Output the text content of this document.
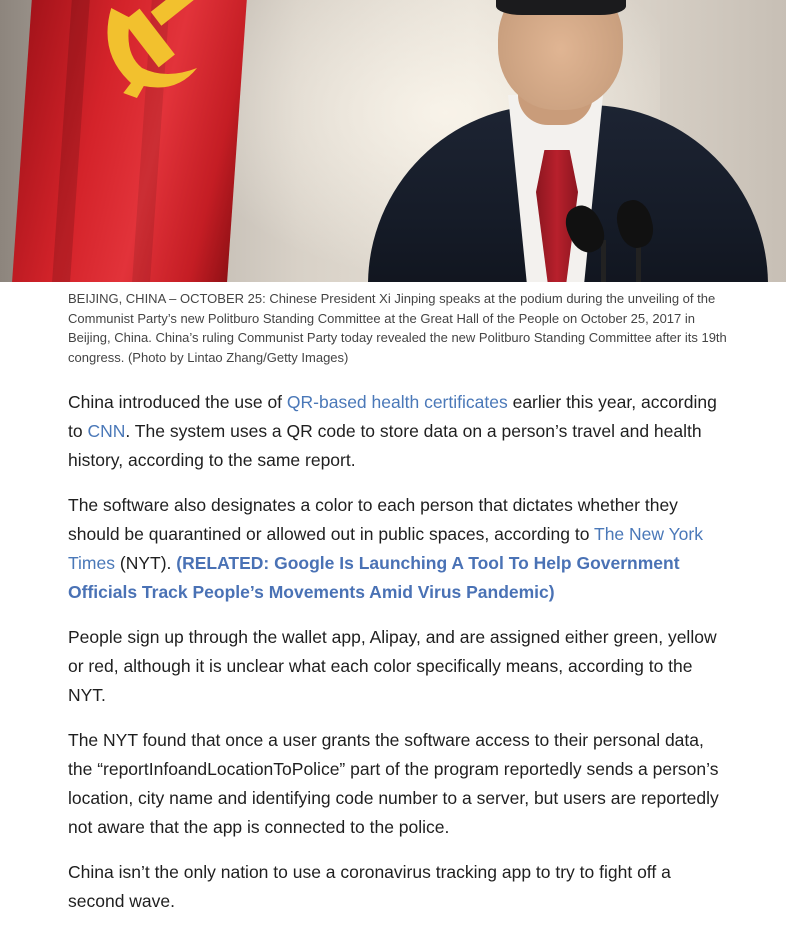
BEIJING, CHINA – OCTOBER 25: Chinese President Xi Jinping speaks at the podium during the unveiling of the Communist Party’s new Politburo Standing Committee at the Great Hall of the People on October 25, 2017 in Beijing, China. China’s ruling Communist Party today revealed the new Politburo Standing Committee after its 19th congress. (Photo by Lintao Zhang/Getty Images)

China introduced the use of QR-based health certificates earlier this year, according to CNN. The system uses a QR code to store data on a person’s travel and health history, according to the same report.

The software also designates a color to each person that dictates whether they should be quarantined or allowed out in public spaces, according to The New York Times (NYT). (RELATED: Google Is Launching A Tool To Help Government Officials Track People’s Movements Amid Virus Pandemic)

People sign up through the wallet app, Alipay, and are assigned either green, yellow or red, although it is unclear what each color specifically means, according to the NYT.

The NYT found that once a user grants the software access to their personal data, the “reportInfoandLocationToPolice” part of the program reportedly sends a person’s location, city name and identifying code number to a server, but users are reportedly not aware that the app is connected to the police.

China isn’t the only nation to use a coronavirus tracking app to try to fight off a second wave.
